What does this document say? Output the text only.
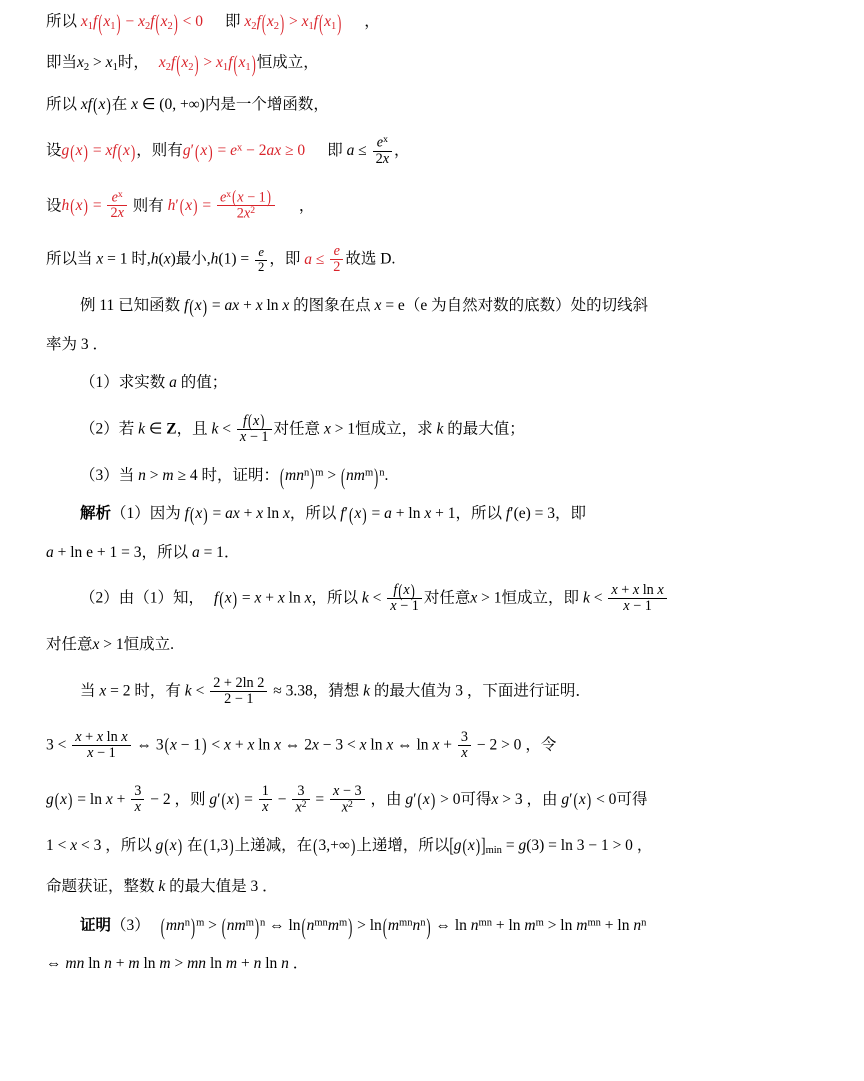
所以 $x_1f(x_1) - x_2f(x_2) < 0$ 即 $x_2f(x_2) > x_1f(x_1)$ ，
即当$x_2 > x_1$时， $x_2f(x_2) > x_1f(x_1)$恒成立，
所以 xf(x)在 x ∈ (0, +∞)内是一个增函数，
设g(x) = xf(x)，则有$g'(x) = e^x - 2ax \ge 0$ 即 $a \le \frac{e^x}{2x}$ ，
设$h(x) = \frac{e^x}{2x}$ 则有 $h'(x) = \frac{e^x(x - 1)}{2x^2}$ ，
所以当 x = 1 时,h(x)最小$,h(1) = \frac{e}{2}$ ，即 $a \le \frac{e}{2}$ 故选 D.
例 11 已知函数 f(x) = ax + x ln x 的图象在点 x = e（e 为自然对数的底数）处的切线斜
率为 3 ．
（1）求实数 a 的值；
（2）若 k ∈ Z，且 $k < \frac{f(x)}{x - 1}$ 对任意 x > 1恒成立，求 k 的最大值；
（3）当 n > m ≥ 4 时，证明：$(mn^n)^m > (nm^m)^n$.
解析（1）因为 f(x) = ax + x ln x，所以 f′(x) = a + ln x + 1，所以 f′(e) = 3，即
a + ln e + 1 = 3，所以 a = 1．
（2）由（1）知， f(x) = x + x ln x，所以 $k < \frac{f(x)}{x - 1}$ 对任意x > 1恒成立，即 $k < \frac{\text{x + x ln x}}{x - 1}$
对任意x > 1恒成立.
当 x = 2 时，有 $k < \frac{2 + 2\ln 2}{2 - 1} \approx 3.38$，猜想 k 的最大值为 3 ，下面进行证明．
$3 < \frac{\text{x + x ln x}}{x - 1}$ ⇔ 3(x − 1) < x + x ln x ⇔ 2x − 3 < x ln x ⇔ $\ln x + \frac{3}{x} - 2 > 0$ ，令
$g(x) = \ln x + \frac{3}{x} - 2$ ，则 $g'(x) = \frac{1}{x} - \frac{3}{x^2} = \frac{x - 3}{x^2}$ ，由 g′(x) > 0可得x > 3 ，由 g′(x) < 0可得
1 < x < 3 ，所以 g(x) 在(1,3)上递减，在(3,+∞)上递增，所以$[g(x)]_{min} = g(3) = \ln 3 - 1 > 0$ ，
命题获证，整数 k 的最大值是 3 ．
证明（3） $(mn^n)^m > (nm^m)^n$ ⇔ $\ln(n^{mn}m^m) > \ln(m^{mn}n^n)$ ⇔ $\ln n^{mn} + \ln m^m > \ln m^{mn} + \ln n^n$
⇔ mn ln n + m ln m > mn ln m + n ln n ．
